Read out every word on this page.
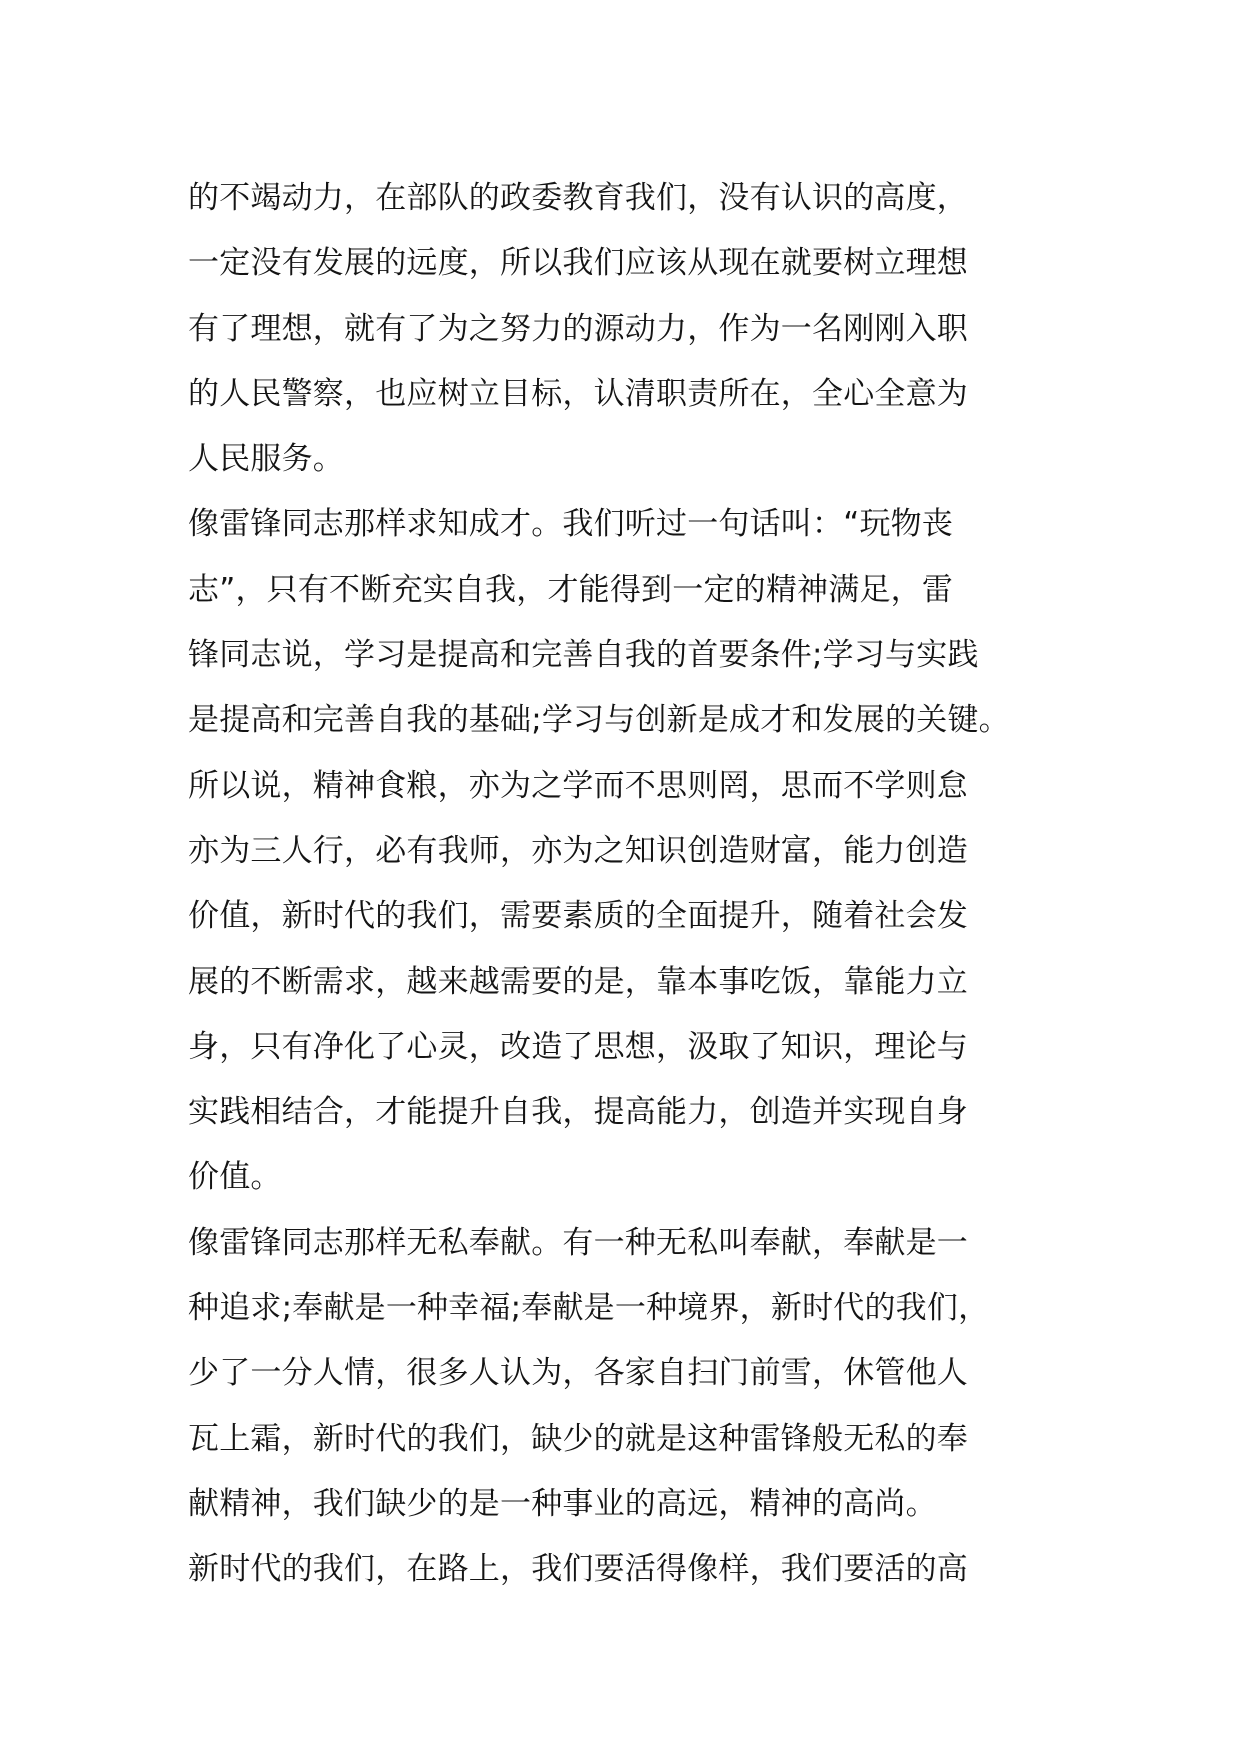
的不竭动力，在部队的政委教育我们，没有认识的高度，
一定没有发展的远度，所以我们应该从现在就要树立理想
有了理想，就有了为之努力的源动力，作为一名刚刚入职
的人民警察，也应树立目标，认清职责所在，全心全意为
人民服务。
像雷锋同志那样求知成才。我们听过一句话叫：“玩物丧
志”，只有不断充实自我，才能得到一定的精神满足，雷
锋同志说，学习是提高和完善自我的首要条件;学习与实践
是提高和完善自我的基础;学习与创新是成才和发展的关键。
所以说，精神食粮，亦为之学而不思则罔，思而不学则怠
亦为三人行，必有我师，亦为之知识创造财富，能力创造
价值，新时代的我们，需要素质的全面提升，随着社会发
展的不断需求，越来越需要的是，靠本事吃饭，靠能力立
身，只有净化了心灵，改造了思想，汲取了知识，理论与
实践相结合，才能提升自我，提高能力，创造并实现自身
价值。
像雷锋同志那样无私奉献。有一种无私叫奉献，奉献是一
种追求;奉献是一种幸福;奉献是一种境界，新时代的我们，
少了一分人情，很多人认为，各家自扫门前雪，休管他人
瓦上霜，新时代的我们，缺少的就是这种雷锋般无私的奉
献精神，我们缺少的是一种事业的高远，精神的高尚。
新时代的我们，在路上，我们要活得像样，我们要活的高
